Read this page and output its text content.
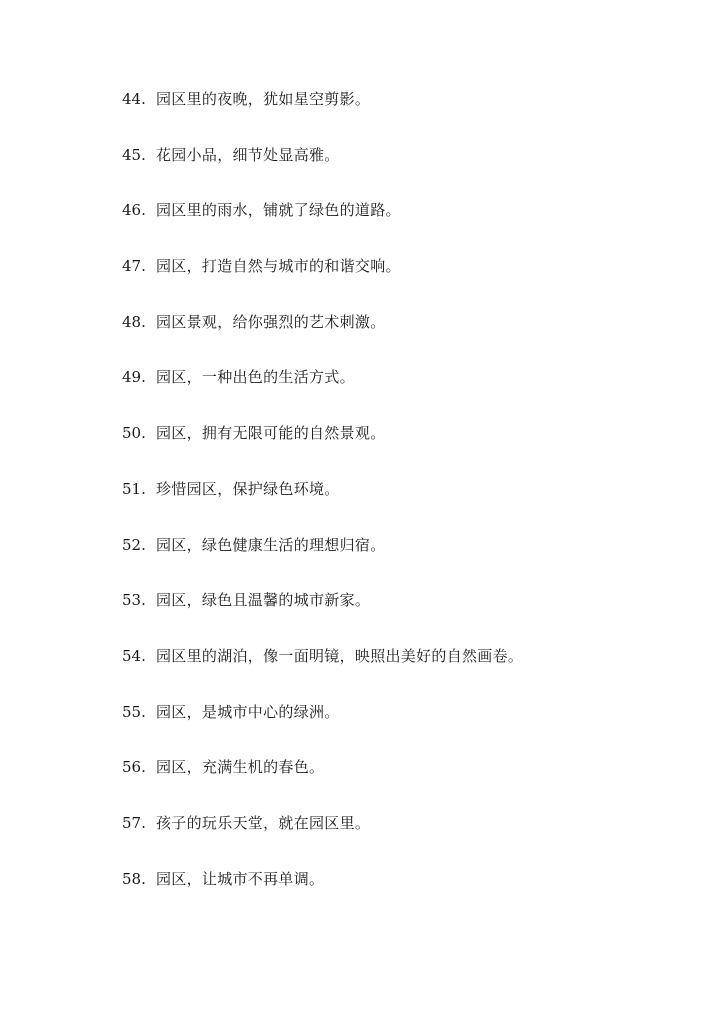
44. 园区里的夜晚，犹如星空剪影。
45. 花园小品，细节处显高雅。
46. 园区里的雨水，铺就了绿色的道路。
47. 园区，打造自然与城市的和谐交响。
48. 园区景观，给你强烈的艺术刺激。
49. 园区，一种出色的生活方式。
50. 园区，拥有无限可能的自然景观。
51. 珍惜园区，保护绿色环境。
52. 园区，绿色健康生活的理想归宿。
53. 园区，绿色且温馨的城市新家。
54. 园区里的湖泊，像一面明镜，映照出美好的自然画卷。
55. 园区，是城市中心的绿洲。
56. 园区，充满生机的春色。
57. 孩子的玩乐天堂，就在园区里。
58. 园区，让城市不再单调。
